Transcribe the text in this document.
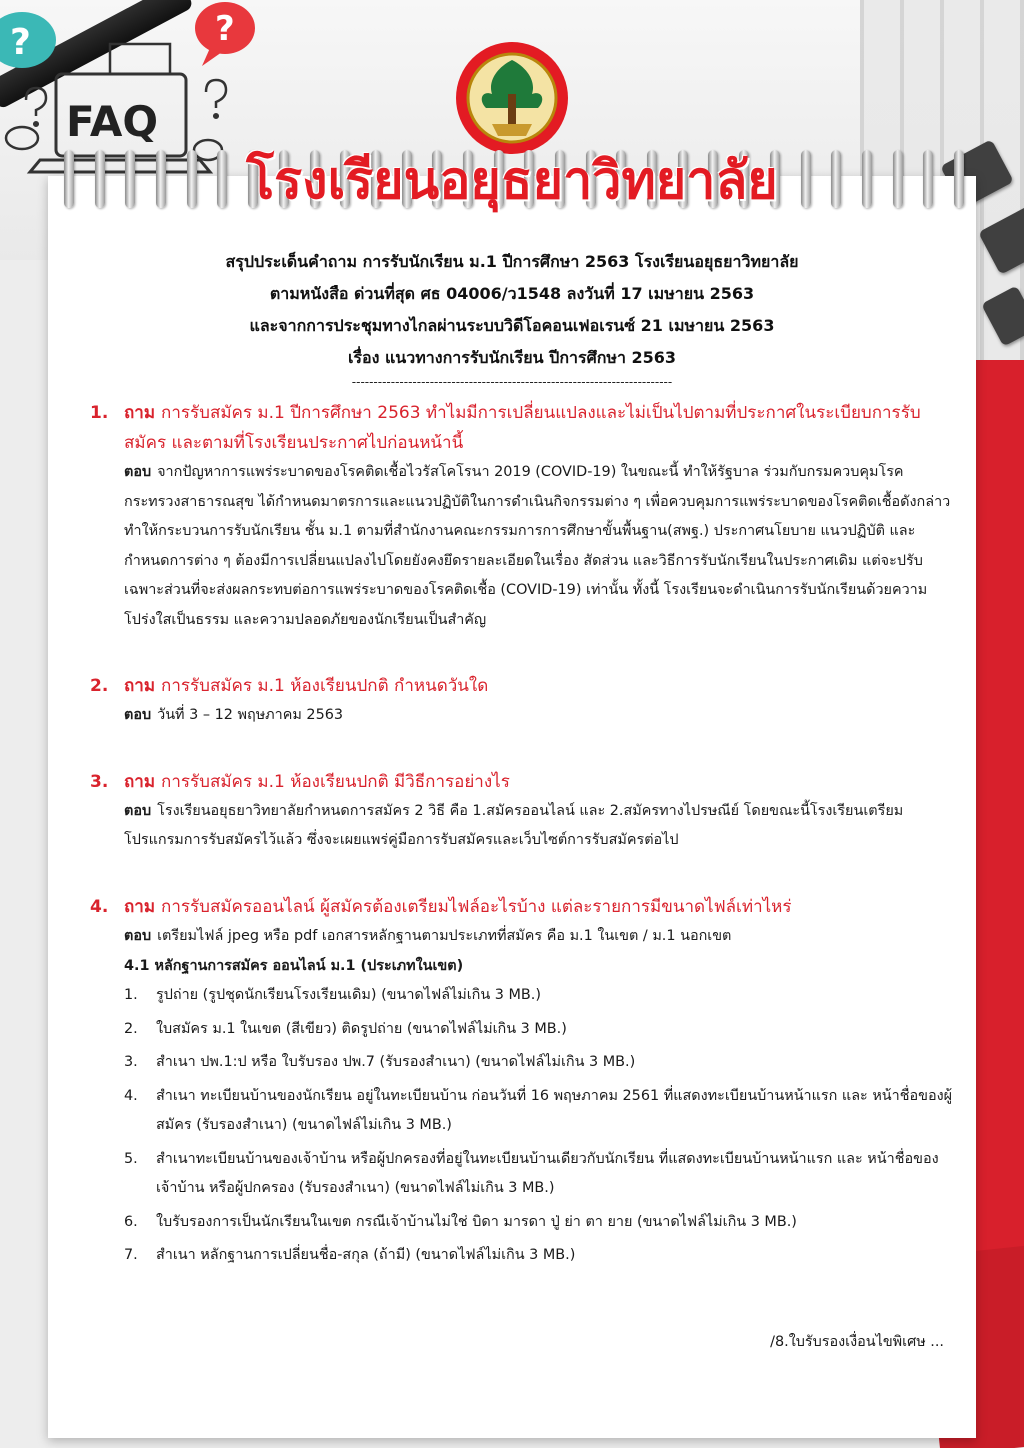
?
?
FAQ
โรงเรียนอยุธยาวิทยาลัย
สรุปประเด็นคำถาม การรับนักเรียน ม.1 ปีการศึกษา 2563 โรงเรียนอยุธยาวิทยาลัย
ตามหนังสือ ด่วนที่สุด ศธ 04006/ว1548 ลงวันที่ 17 เมษายน 2563
และจากการประชุมทางไกลผ่านระบบวิดีโอคอนเฟอเรนซ์ 21 เมษายน 2563
เรื่อง แนวทางการรับนักเรียน ปีการศึกษา 2563
--------------------------------------------------------------------------
1. ถาม การรับสมัคร ม.1 ปีการศึกษา 2563 ทำไมมีการเปลี่ยนแปลงและไม่เป็นไปตามที่ประกาศในระเบียบการรับสมัคร และตามที่โรงเรียนประกาศไปก่อนหน้านี้
ตอบ จากปัญหาการแพร่ระบาดของโรคติดเชื้อไวรัสโคโรนา 2019 (COVID-19) ในขณะนี้ ทำให้รัฐบาล ร่วมกับกรมควบคุมโรค กระทรวงสาธารณสุข ได้กำหนดมาตรการและแนวปฏิบัติในการดำเนินกิจกรรมต่าง ๆ เพื่อควบคุมการแพร่ระบาดของโรคติดเชื้อดังกล่าว ทำให้กระบวนการรับนักเรียน ชั้น ม.1 ตามที่สำนักงานคณะกรรมการการศึกษาขั้นพื้นฐาน(สพฐ.) ประกาศนโยบาย แนวปฏิบัติ และกำหนดการต่าง ๆ ต้องมีการเปลี่ยนแปลงไปโดยยังคงยึดรายละเอียดในเรื่อง สัดส่วน และวิธีการรับนักเรียนในประกาศเดิม แต่จะปรับเฉพาะส่วนที่จะส่งผลกระทบต่อการแพร่ระบาดของโรคติดเชื้อ (COVID-19) เท่านั้น ทั้งนี้ โรงเรียนจะดำเนินการรับนักเรียนด้วยความโปร่งใสเป็นธรรม และความปลอดภัยของนักเรียนเป็นสำคัญ
2. ถาม การรับสมัคร ม.1 ห้องเรียนปกติ กำหนดวันใด
ตอบ วันที่ 3 – 12 พฤษภาคม 2563
3. ถาม การรับสมัคร ม.1 ห้องเรียนปกติ มีวิธีการอย่างไร
ตอบ โรงเรียนอยุธยาวิทยาลัยกำหนดการสมัคร 2 วิธี คือ 1.สมัครออนไลน์ และ 2.สมัครทางไปรษณีย์ โดยขณะนี้โรงเรียนเตรียมโปรแกรมการรับสมัครไว้แล้ว ซึ่งจะเผยแพร่คู่มือการรับสมัครและเว็บไซต์การรับสมัครต่อไป
4. ถาม การรับสมัครออนไลน์ ผู้สมัครต้องเตรียมไฟล์อะไรบ้าง แต่ละรายการมีขนาดไฟล์เท่าไหร่
ตอบ เตรียมไฟล์ jpeg หรือ pdf เอกสารหลักฐานตามประเภทที่สมัคร คือ ม.1 ในเขต / ม.1 นอกเขต
4.1 หลักฐานการสมัคร ออนไลน์ ม.1 (ประเภทในเขต)
1.	รูปถ่าย (รูปชุดนักเรียนโรงเรียนเดิม) (ขนาดไฟล์ไม่เกิน 3 MB.)
2.	ใบสมัคร ม.1 ในเขต (สีเขียว) ติดรูปถ่าย (ขนาดไฟล์ไม่เกิน 3 MB.)
3.	สำเนา ปพ.1:ป หรือ ใบรับรอง ปพ.7 (รับรองสำเนา) (ขนาดไฟล์ไม่เกิน 3 MB.)
4.	สำเนา ทะเบียนบ้านของนักเรียน อยู่ในทะเบียนบ้าน ก่อนวันที่ 16 พฤษภาคม 2561 ที่แสดงทะเบียนบ้านหน้าแรก และ หน้าชื่อของผู้สมัคร (รับรองสำเนา) (ขนาดไฟล์ไม่เกิน 3 MB.)
5.	สำเนาทะเบียนบ้านของเจ้าบ้าน หรือผู้ปกครองที่อยู่ในทะเบียนบ้านเดียวกับนักเรียน ที่แสดงทะเบียนบ้านหน้าแรก และ หน้าชื่อของเจ้าบ้าน หรือผู้ปกครอง (รับรองสำเนา) (ขนาดไฟล์ไม่เกิน 3 MB.)
6.	ใบรับรองการเป็นนักเรียนในเขต กรณีเจ้าบ้านไม่ใช่ บิดา มารดา ปู่ ย่า ตา ยาย (ขนาดไฟล์ไม่เกิน 3 MB.)
7.	สำเนา หลักฐานการเปลี่ยนชื่อ-สกุล (ถ้ามี) (ขนาดไฟล์ไม่เกิน 3 MB.)
/8.ใบรับรองเงื่อนไขพิเศษ ...
